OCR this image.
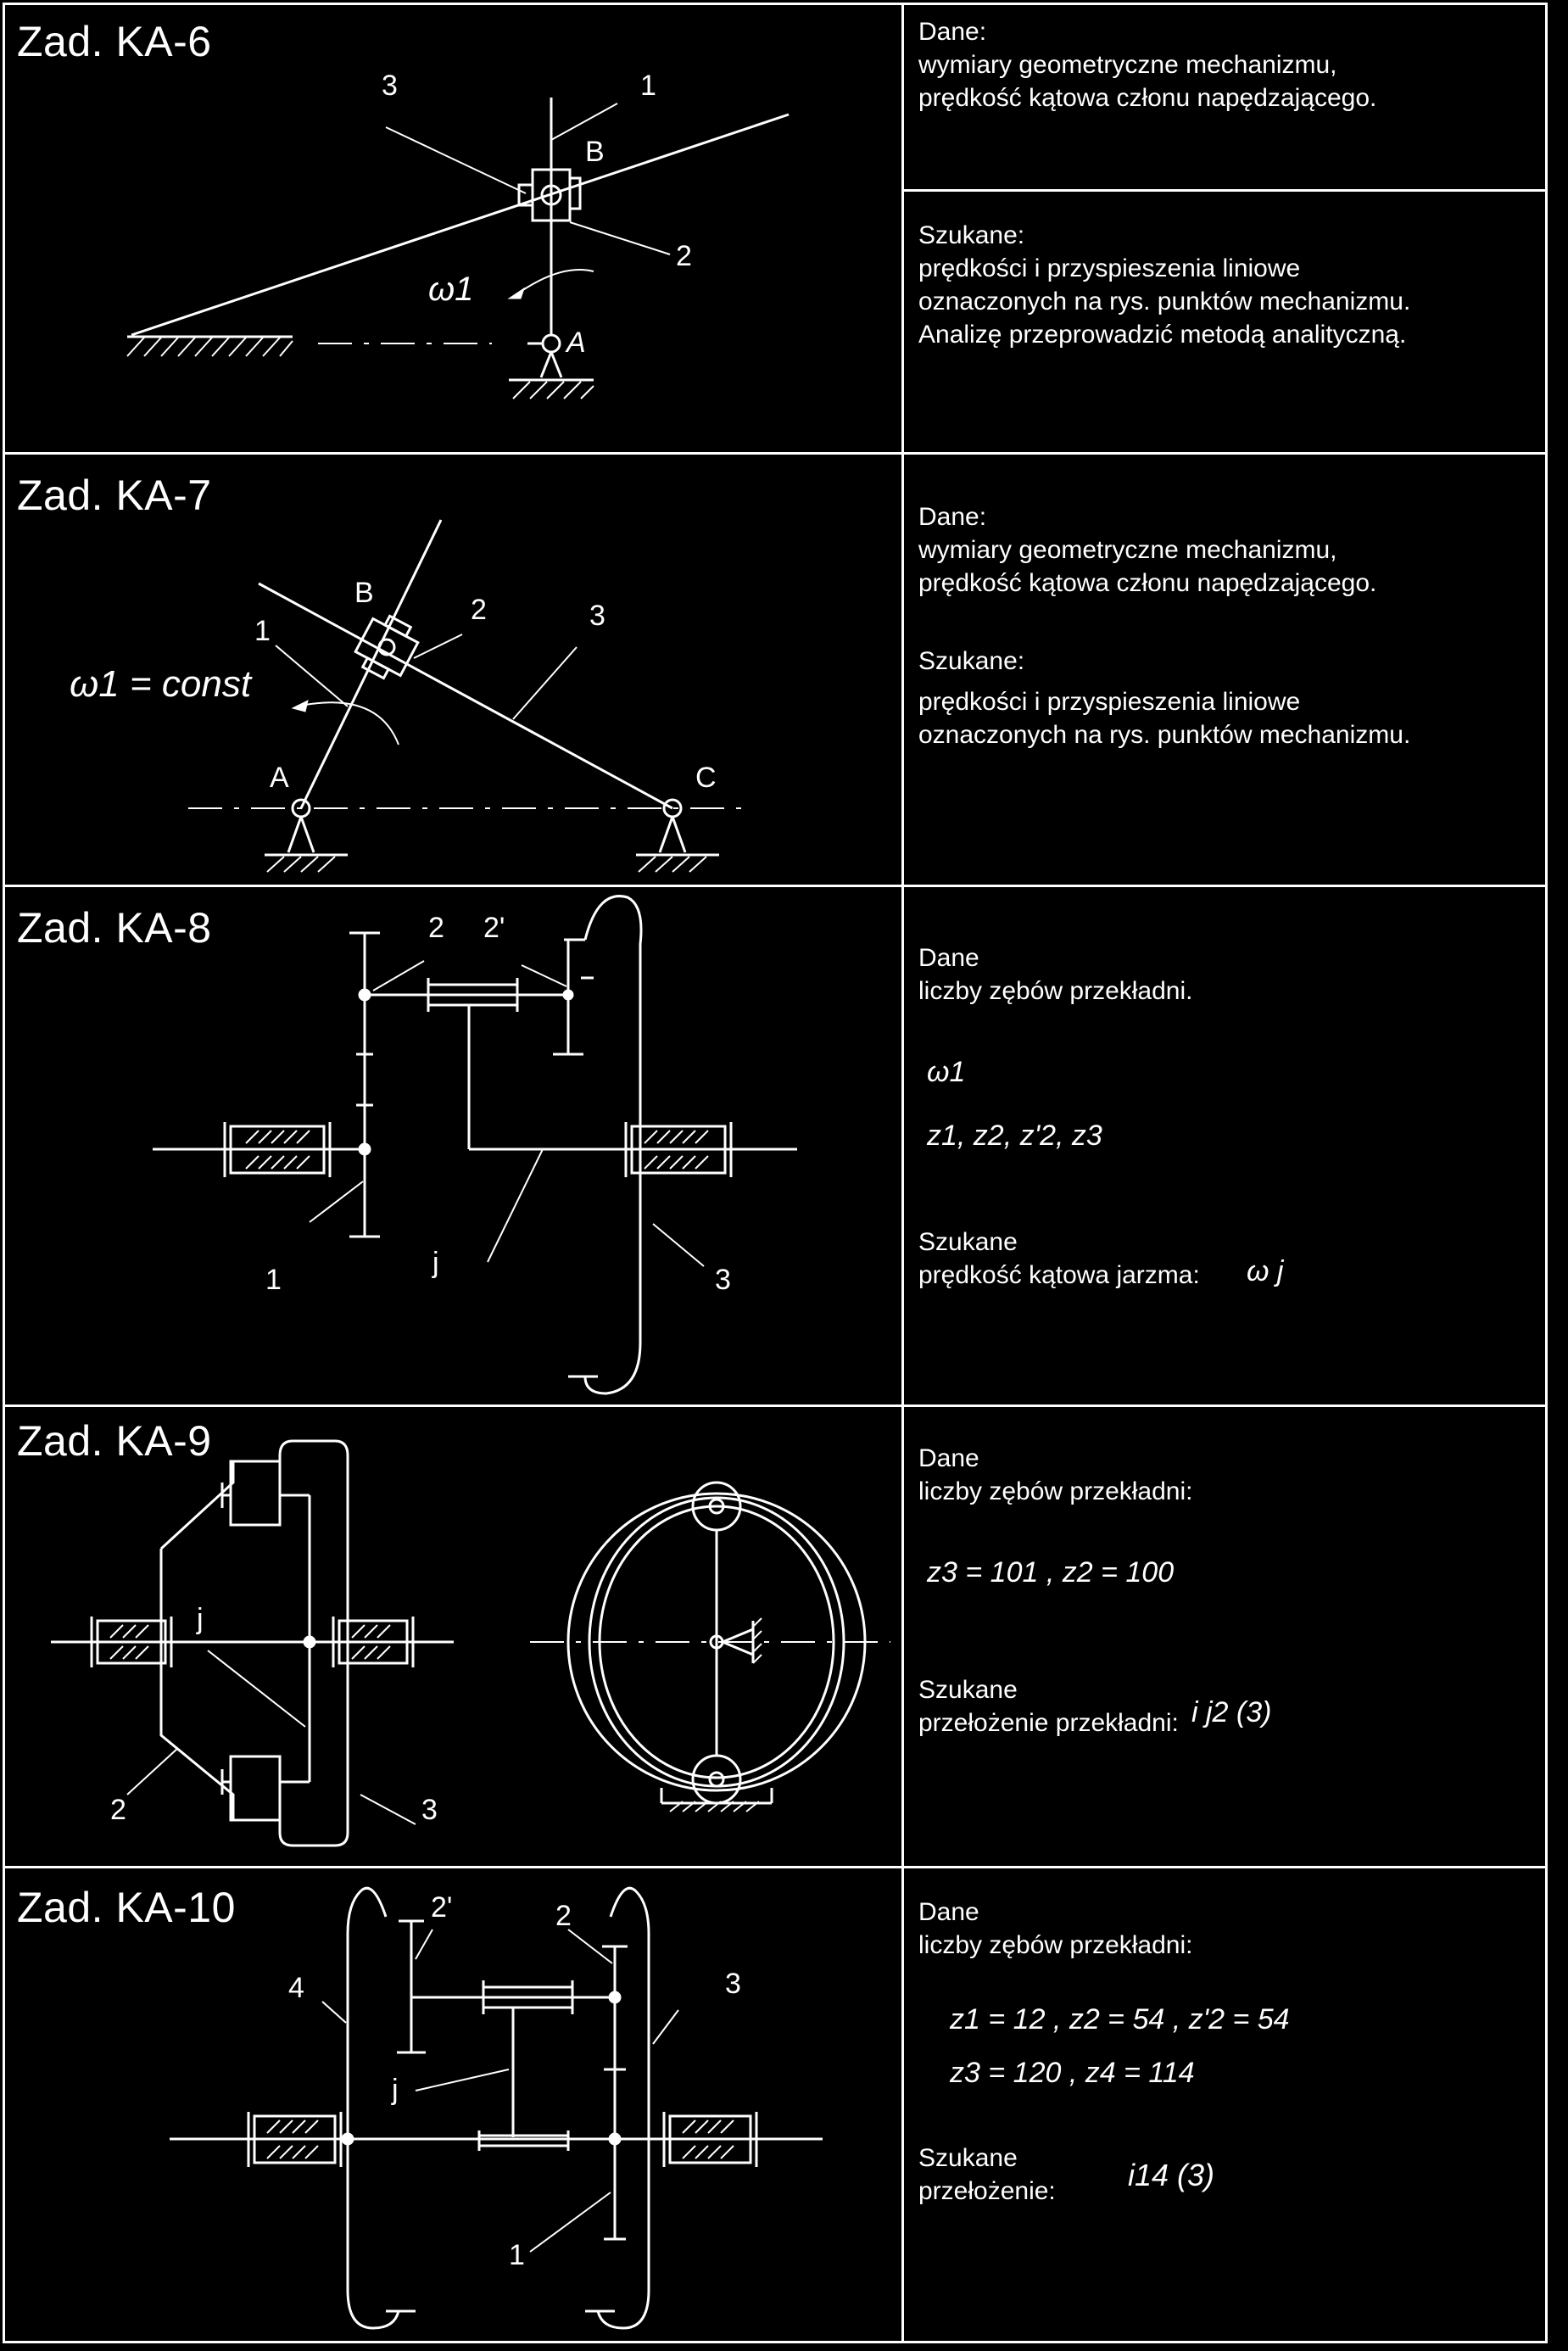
Zad. KA-6
3	1
B
2
ω1
A
Dane:
wymiary geometryczne mechanizmu,
prędkość kątowa członu napędzającego.
Szukane:
prędkości i przyspieszenia liniowe
oznaczonych na rys. punktów mechanizmu.
Analizę przeprowadzić metodą analityczną.
Zad. KA-7
ω1 = const
B
1
2	3
A	C
Dane:
wymiary geometryczne mechanizmu,
prędkość kątowa członu napędzającego.
Szukane:
prędkości i przyspieszenia liniowe
oznaczonych na rys. punktów mechanizmu.
Zad. KA-8	2 2'
1
j
3
Dane
liczby zębów przekładni.
ω1
z1, z2, z'2, z3
Szukane
prędkość kątowa jarzma: ω j
Zad. KA-9
j
2	3
Dane
liczby zębów przekładni:
z3 = 101 , z2 = 100
Szukane
przełożenie przekładni: i j2 (3)
Zad. KA-10	2'	2
4	3
j
1
Dane
liczby zębów przekładni:
z1 = 12 , z2 = 54 , z'2 = 54
z3 = 120 , z4 = 114
Szukane
przełożenie: i14 (3)
